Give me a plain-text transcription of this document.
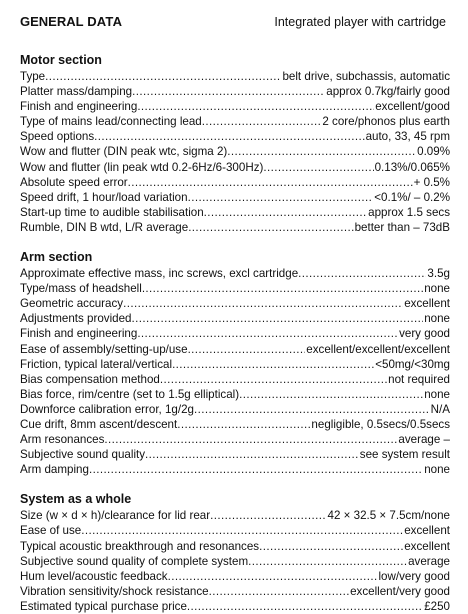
GENERAL DATA	Integrated player with cartridge
Motor section
Type .....	belt drive, subchassis, automatic
Platter mass/damping .....	approx 0.7kg/fairly good
Finish and engineering .....	excellent/good
Type of mains lead/connecting lead .....	2 core/phonos plus earth
Speed options .....	auto, 33, 45 rpm
Wow and flutter (DIN peak wtc, sigma 2) .....	0.09%
Wow and flutter (lin peak wtd 0.2-6Hz/6-300Hz) .....	0.13%/0.065%
Absolute speed error .....	+ 0.5%
Speed drift, 1 hour/load variation .....	<0.1%/ – 0.2%
Start-up time to audible stabilisation .....	approx 1.5 secs
Rumble, DIN B wtd, L/R average .....	better than – 73dB
Arm section
Approximate effective mass, inc screws, excl cartridge .....	3.5g
Type/mass of headshell .....	none
Geometric accuracy .....	excellent
Adjustments provided .....	none
Finish and engineering .....	very good
Ease of assembly/setting-up/use .....	excellent/excellent/excellent
Friction, typical lateral/vertical .....	<50mg/<30mg
Bias compensation method .....	not required
Bias force, rim/centre (set to 1.5g elliptical) .....	none
Downforce calibration error, 1g/2g .....	N/A
Cue drift, 8mm ascent/descent .....	negligible, 0.5secs/0.5secs
Arm resonances .....	average –
Subjective sound quality .....	see system result
Arm damping .....	none
System as a whole
Size (w × d × h)/clearance for lid rear .....	42 × 32.5 × 7.5cm/none
Ease of use .....	excellent
Typical acoustic breakthrough and resonances .....	excellent
Subjective sound quality of complete system .....	average
Hum level/acoustic feedback .....	low/very good
Vibration sensitivity/shock resistance .....	excellent/very good
Estimated typical purchase price .....	£250
